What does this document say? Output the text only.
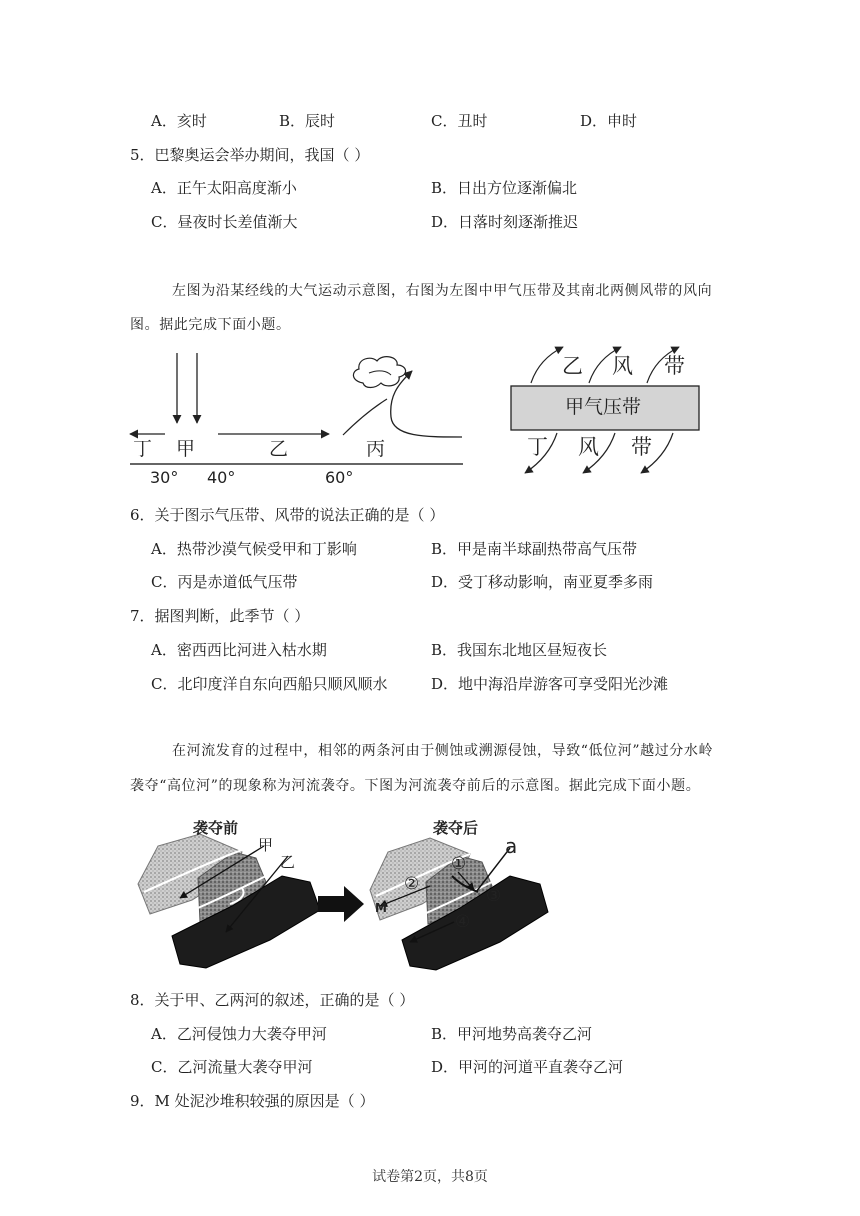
A．亥时	B．辰时	C．丑时	D．申时
5．巴黎奥运会举办期间，我国（ ）
A．正午太阳高度渐小	B．日出方位逐渐偏北
C．昼夜时长差值渐大	D．日落时刻逐渐推迟
左图为沿某经线的大气运动示意图，右图为左图中甲气压带及其南北两侧风带的风向
图。据此完成下面小题。
丁 甲	乙	丙
30° 40°	60°
甲气压带
乙 风 带
丁 风 带
6．关于图示气压带、风带的说法正确的是（ ）
A．热带沙漠气候受甲和丁影响	B．甲是南半球副热带高气压带
C．丙是赤道低气压带	D．受丁移动影响，南亚夏季多雨
7．据图判断，此季节（ ）
A．密西西比河进入枯水期	B．我国东北地区昼短夜长
C．北印度洋自东向西船只顺风顺水	D．地中海沿岸游客可享受阳光沙滩
在河流发育的过程中，相邻的两条河由于侧蚀或溯源侵蚀，导致“低位河”越过分水岭
袭夺“高位河”的现象称为河流袭夺。下图为河流袭夺前后的示意图。据此完成下面小题。
袭夺前	袭夺后
甲
乙	①
②
③
④
a
M
8．关于甲、乙两河的叙述，正确的是（ ）
A．乙河侵蚀力大袭夺甲河	B．甲河地势高袭夺乙河
C．乙河流量大袭夺甲河	D．甲河的河道平直袭夺乙河
9．M 处泥沙堆积较强的原因是（ ）
试卷第2页，共8页
